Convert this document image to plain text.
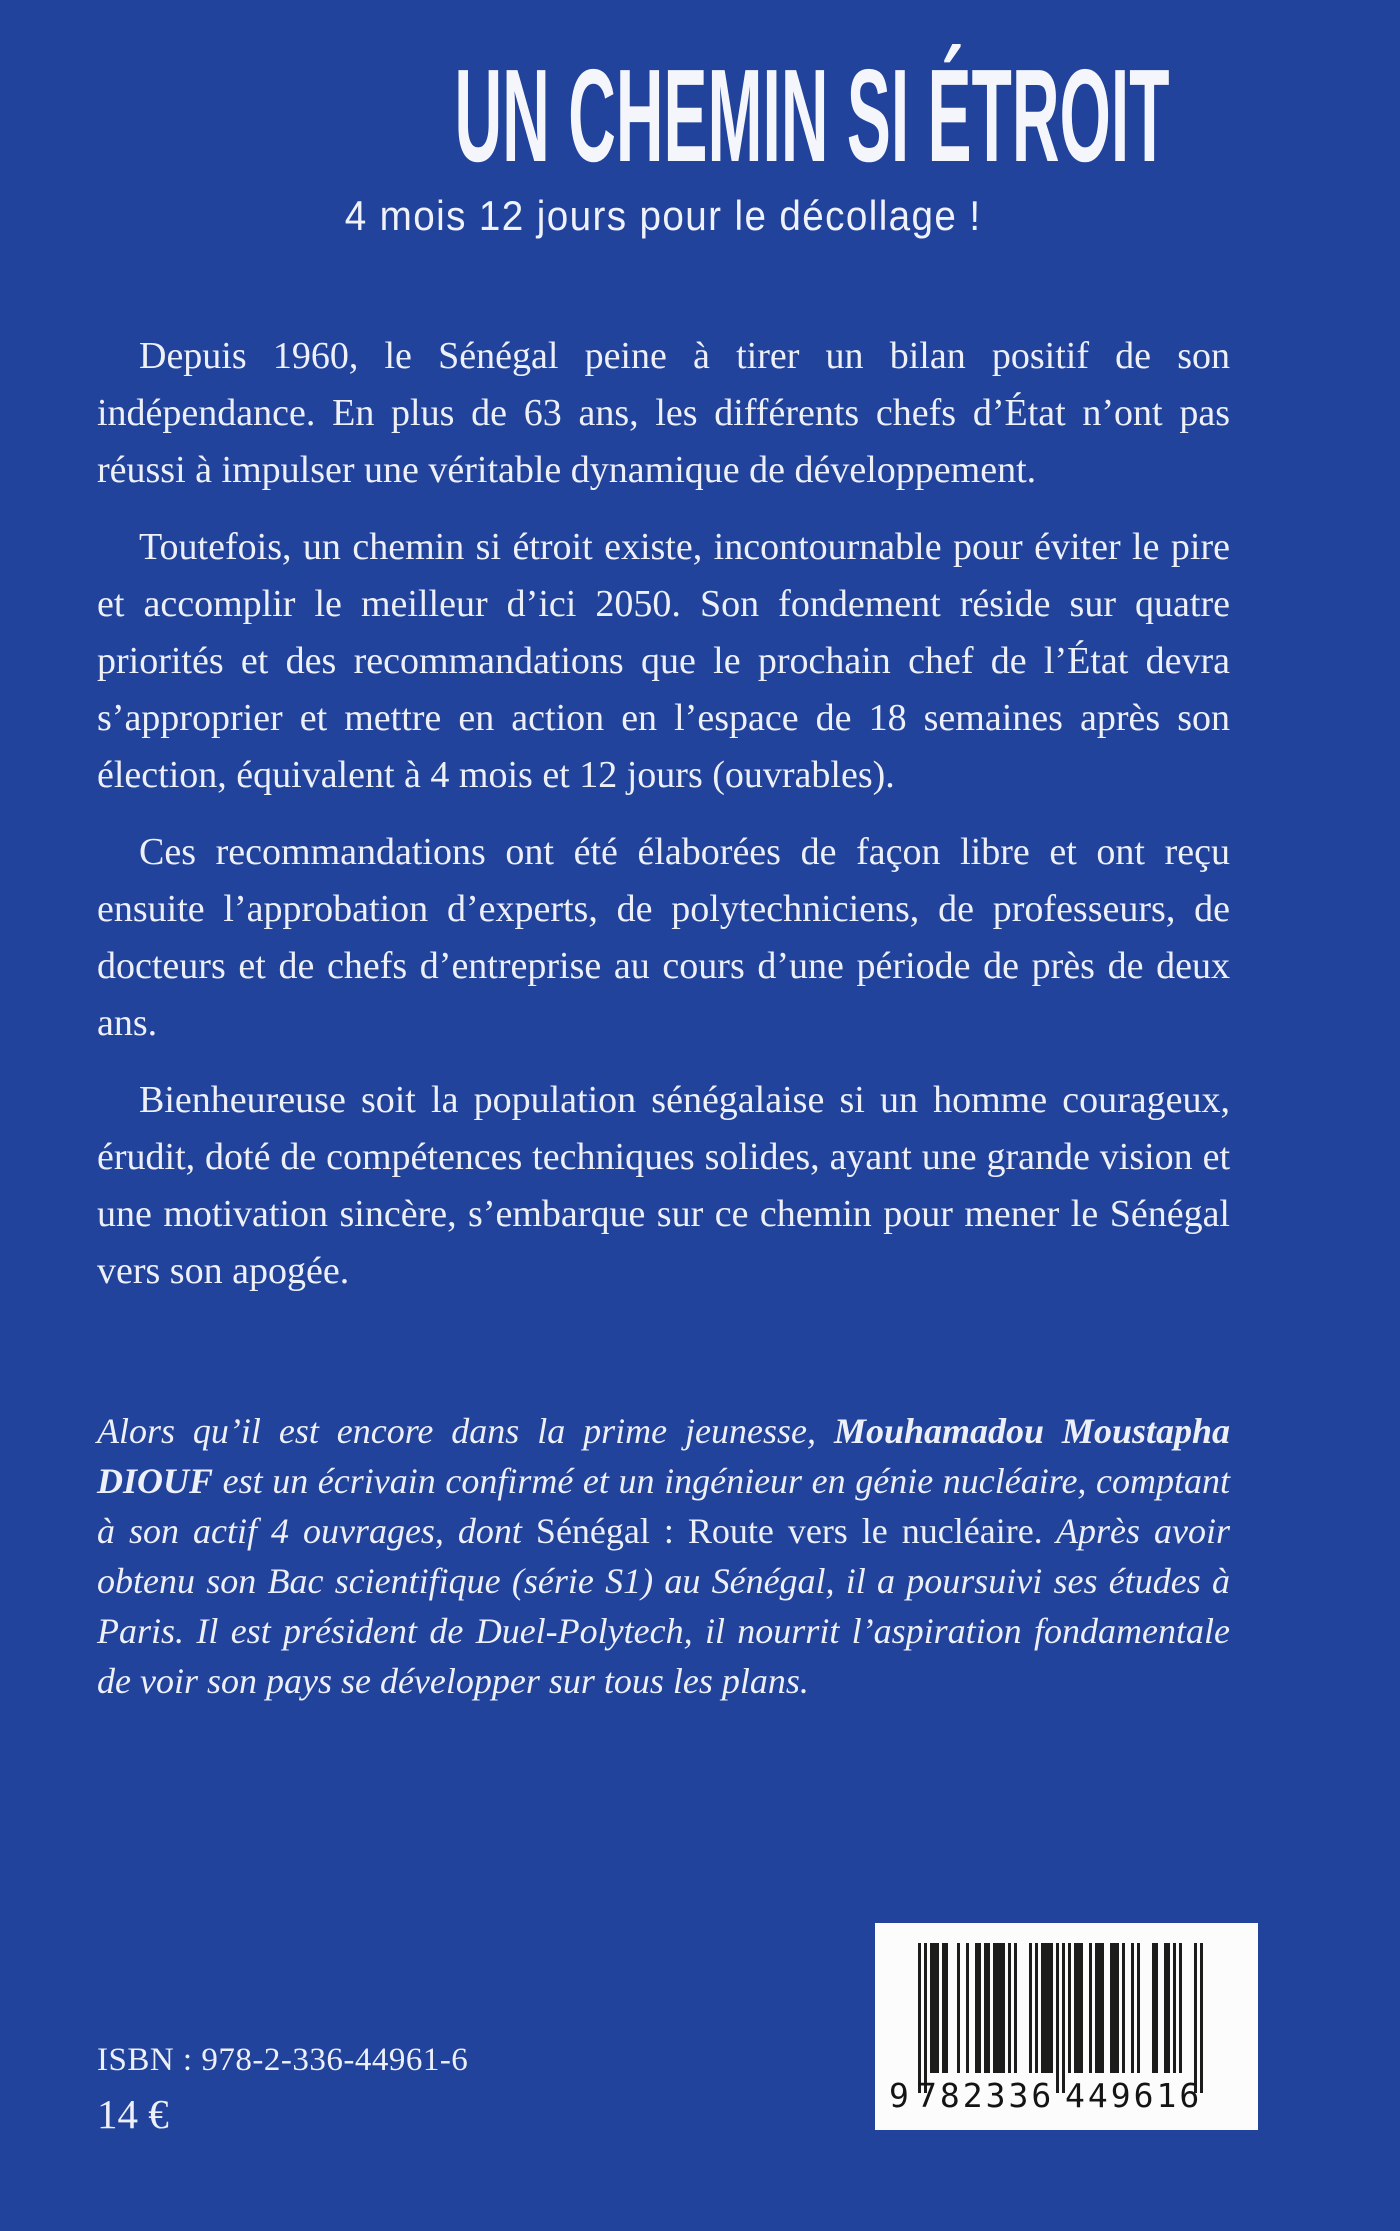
UN CHEMIN SI ÉTROIT
4 mois 12 jours pour le décollage !

Depuis 1960, le Sénégal peine à tirer un bilan positif de son indépendance. En plus de 63 ans, les différents chefs d’État n’ont pas réussi à impulser une véritable dynamique de développement.

Toutefois, un chemin si étroit existe, incontournable pour éviter le pire et accomplir le meilleur d’ici 2050. Son fondement réside sur quatre priorités et des recommandations que le prochain chef de l’État devra s’approprier et mettre en action en l’espace de 18 semaines après son élection, équivalent à 4 mois et 12 jours (ouvrables).

Ces recommandations ont été élaborées de façon libre et ont reçu ensuite l’approbation d’experts, de polytechniciens, de professeurs, de docteurs et de chefs d’entreprise au cours d’une période de près de deux ans.

Bienheureuse soit la population sénégalaise si un homme courageux, érudit, doté de compétences techniques solides, ayant une grande vision et une motivation sincère, s’embarque sur ce chemin pour mener le Sénégal vers son apogée.

Alors qu’il est encore dans la prime jeunesse, Mouhamadou Moustapha DIOUF est un écrivain confirmé et un ingénieur en génie nucléaire, comptant à son actif 4 ouvrages, dont Sénégal : Route vers le nucléaire. Après avoir obtenu son Bac scientifique (série S1) au Sénégal, il a poursuivi ses études à Paris. Il est président de Duel-Polytech, il nourrit l’aspiration fondamentale de voir son pays se développer sur tous les plans.

ISBN : 978-2-336-44961-6
14 €	9 782336 449616
